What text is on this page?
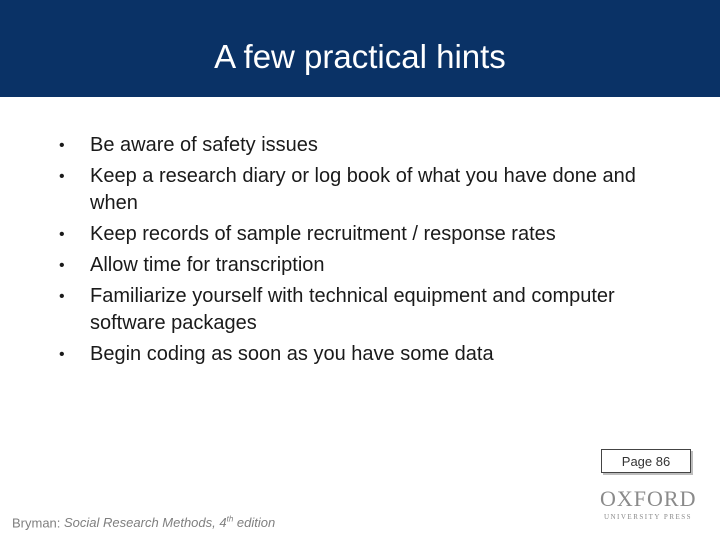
A few practical hints
• Be aware of safety issues
• Keep a research diary or log book of what you have done and when
• Keep records of sample recruitment / response rates
• Allow time for transcription
• Familiarize yourself with technical equipment and computer software packages
• Begin coding as soon as you have some data
Page 86
OXFORD
UNIVERSITY PRESS
Bryman: Social Research Methods, 4th edition
